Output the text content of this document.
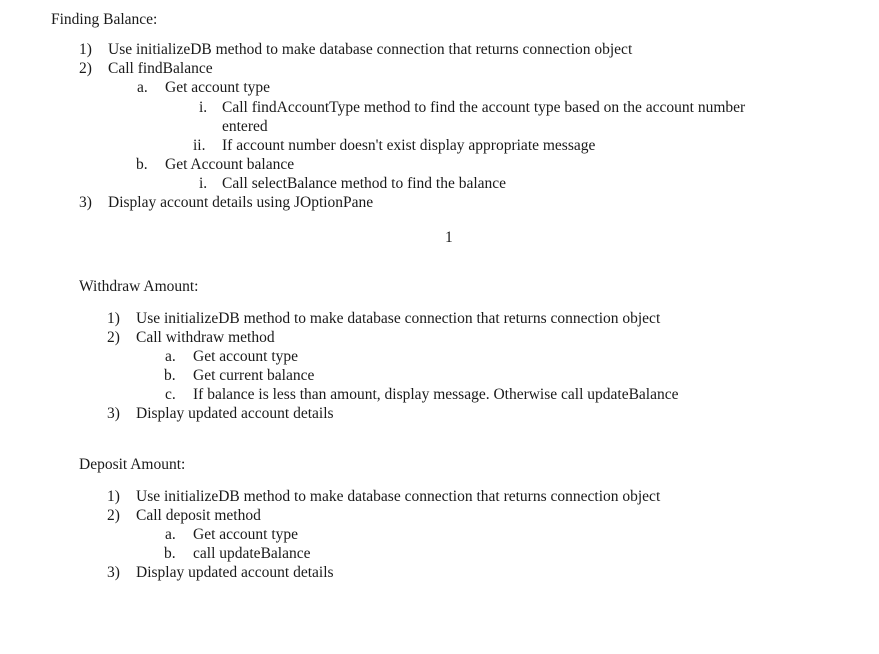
Finding Balance:
1) Use initializeDB method to make database connection that returns connection object
2) Call findBalance
a. Get account type
i. Call findAccountType method to find the account type based on the account number
entered
ii. If account number doesn't exist display appropriate message
b. Get Account balance
i. Call selectBalance method to find the balance
3) Display account details using JOptionPane
1
Withdraw Amount:
1) Use initializeDB method to make database connection that returns connection object
2) Call withdraw method
a. Get account type
b. Get current balance
c. If balance is less than amount, display message. Otherwise call updateBalance
3) Display updated account details
Deposit Amount:
1) Use initializeDB method to make database connection that returns connection object
2) Call deposit method
a. Get account type
b. call updateBalance
3) Display updated account details
